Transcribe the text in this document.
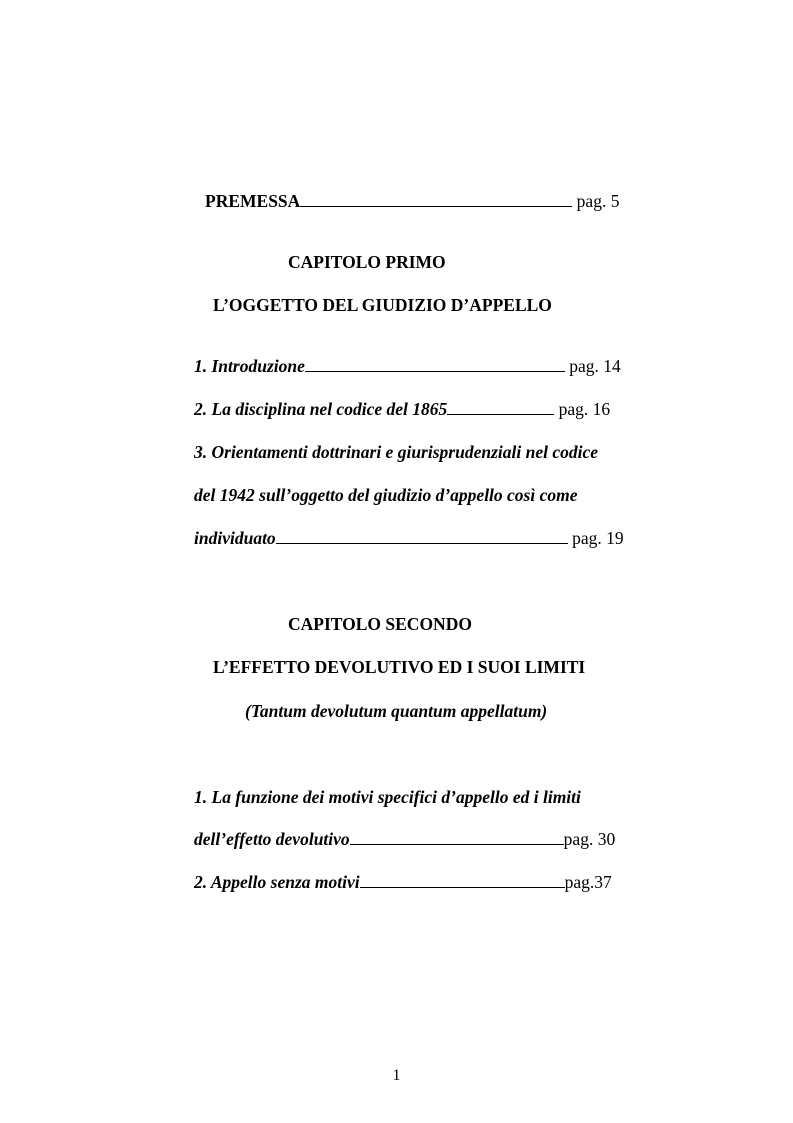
PREMESSA	pag. 5
CAPITOLO PRIMO
L’OGGETTO DEL GIUDIZIO D’APPELLO
1. Introduzione	pag. 14
2. La disciplina nel codice del 1865	pag. 16
3. Orientamenti dottrinari e giurisprudenziali nel codice
del 1942 sull’oggetto del giudizio d’appello così come
individuato	pag. 19
CAPITOLO SECONDO
L’EFFETTO DEVOLUTIVO ED I SUOI LIMITI
(Tantum devolutum quantum appellatum)
1. La funzione dei motivi specifici d’appello ed i limiti
dell’effetto devolutivo	pag. 30
2. Appello senza motivi	pag.37
1
